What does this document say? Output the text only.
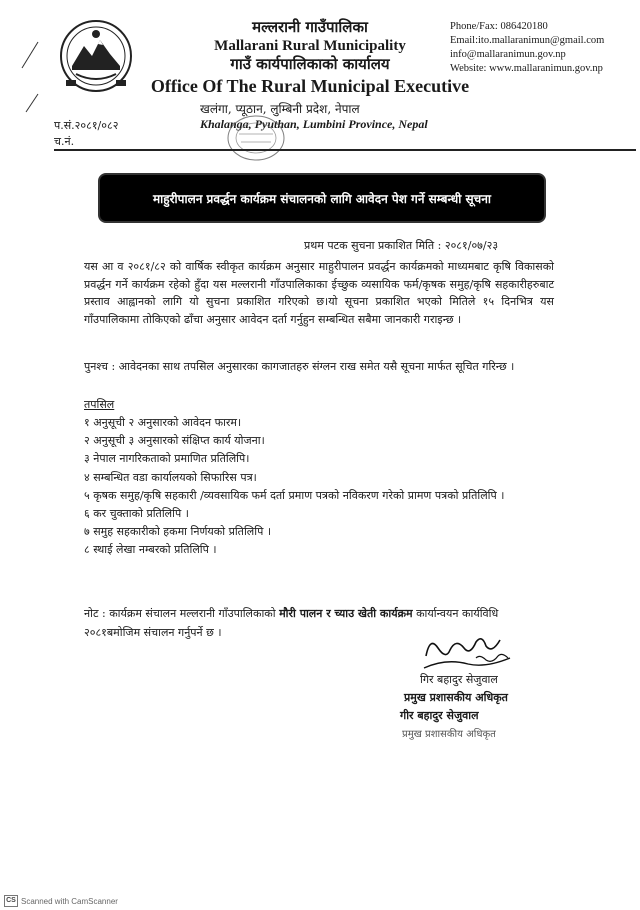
मल्लरानी गाउँपालिका
Mallarani Rural Municipality
गाउँ कार्यपालिकाको कार्यालय
Office Of The Rural Municipal Executive
खलंगा, प्यूठान, लुम्बिनी प्रदेश, नेपाल
Khalanga, Pyuthan, Lumbini Province, Nepal
Phone/Fax: 086420180
Email:ito.mallaranimun@gmail.com
info@mallaranimun.gov.np
Website: www.mallaranimun.gov.np
प.सं.२०८१/०८२
च.नं.
माहुरीपालन प्रवर्द्धन कार्यक्रम संचालनको लागि आवेदन पेश गर्ने सम्बन्धी सूचना
प्रथम पटक सुचना प्रकाशित मिति : २०८१/०७/२३
यस आ व २०८१/८२ को वार्षिक स्वीकृत कार्यक्रम अनुसार माहुरीपालन प्रवर्द्धन कार्यक्रमको माध्यमबाट कृषि विकासको प्रवर्द्धन गर्ने कार्यक्रम रहेको हुँदा यस मल्लरानी गाँउपालिकाका ईच्छुक व्यसायिक फर्म/कृषक समुह/कृषि सहकारीहरुबाट प्रस्ताव आह्वानको लागि यो सुचना प्रकाशित गरिएको छ।यो सूचना प्रकाशित भएको मितिले १५ दिनभित्र यस गाँउपालिकामा तोकिएको ढाँचा अनुसार आवेदन दर्ता गर्नुहुन सम्बन्धित सबैमा जानकारी गराइन्छ ।
पुनश्च : आवेदनका साथ तपसिल अनुसारका कागजातहरु संग्लन राख समेत यसै सूचना मार्फत सूचित गरिन्छ ।
तपसिल
१ अनुसूची २ अनुसारको आवेदन फारम।
२ अनुसूची ३ अनुसारको संक्षिप्त कार्य योजना।
३ नेपाल नागरिकताको प्रमाणित प्रतिलिपि।
४ सम्बन्धित वडा कार्यालयको सिफारिस पत्र।
५ कृषक समुह/कृषि सहकारी /व्यवसायिक फर्म दर्ता प्रमाण पत्रको नविकरण गरेको प्रामण पत्रको प्रतिलिपि ।
६ कर चुक्ताको प्रतिलिपि ।
७ समुह सहकारीको हकमा निर्णयको प्रतिलिपि ।
८ स्थाई लेखा नम्बरको प्रतिलिपि ।
नोट : कार्यक्रम संचालन मल्लरानी गाँउपालिकाको मौरी पालन र च्याउ खेती कार्यक्रम कार्यान्वयन कार्यविधि २०८१बमोजिम संचालन गर्नुपर्ने छ ।
गिर बहादुर सेजुवाल
प्रमुख प्रशासकीय अधिकृत
गीर बहादुर सेजुवाल
प्रमुख प्रशासकीय अधिकृत
CS Scanned with CamScanner
